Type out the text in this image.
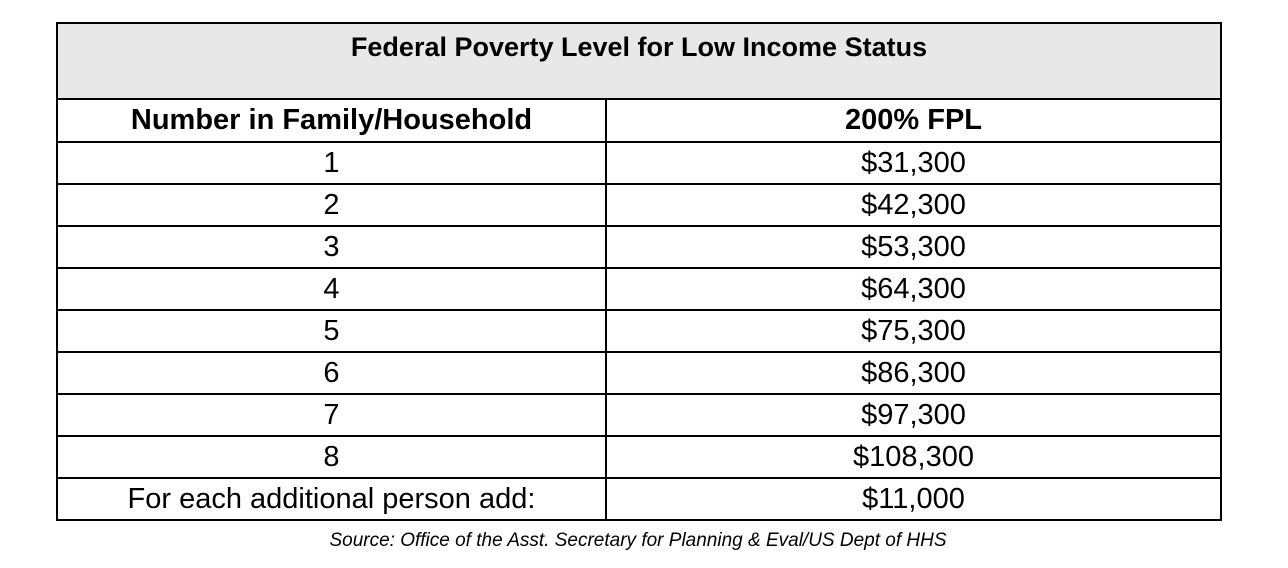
Federal Poverty Level for Low Income Status	
Number in Family/Household	200% FPL
1	$31,300
2	$42,300
3	$53,300
4	$64,300
5	$75,300
6	$86,300
7	$97,300
8	$108,300
For each additional person add:	$11,000
Source: Office of the Asst. Secretary for Planning & Eval/US Dept of HHS
